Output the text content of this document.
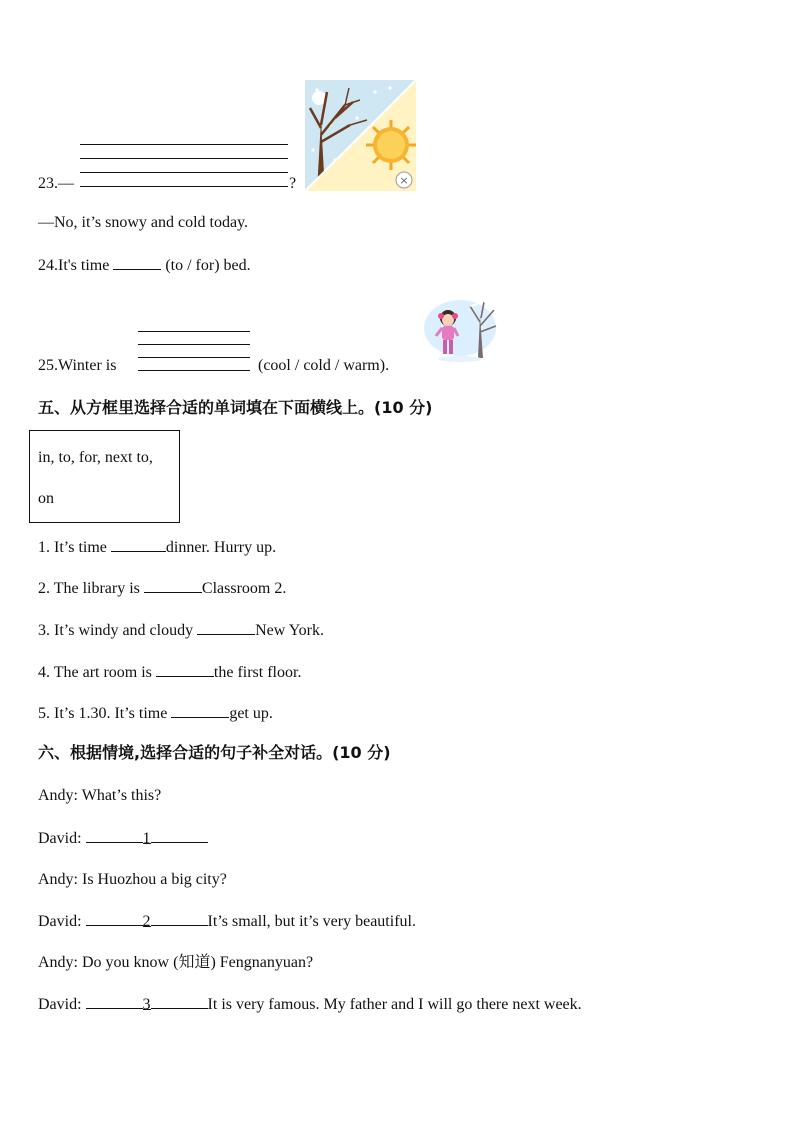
23.—	?	×
—No, it’s snowy and cold today.
24.It's time	(to / for) bed.
25.Winter is	(cool / cold / warm).
五、从方框里选择合适的单词填在下面横线上。(10 分)
in, to, for, next to,
on
1. It’s time	dinner. Hurry up.
2. The library is	Classroom 2.
3. It’s windy and cloudy	New York.
4. The art room is	the first floor.
5. It’s 1.30. It’s time	get up.
六、根据情境,选择合适的句子补全对话。(10 分)
Andy: What’s this?
David:	1
Andy: Is Huozhou a big city?
David:	2	It’s small, but it’s very beautiful.
Andy: Do you know (知道) Fengnanyuan?
David:	3	It is very famous. My father and I will go there next week.
